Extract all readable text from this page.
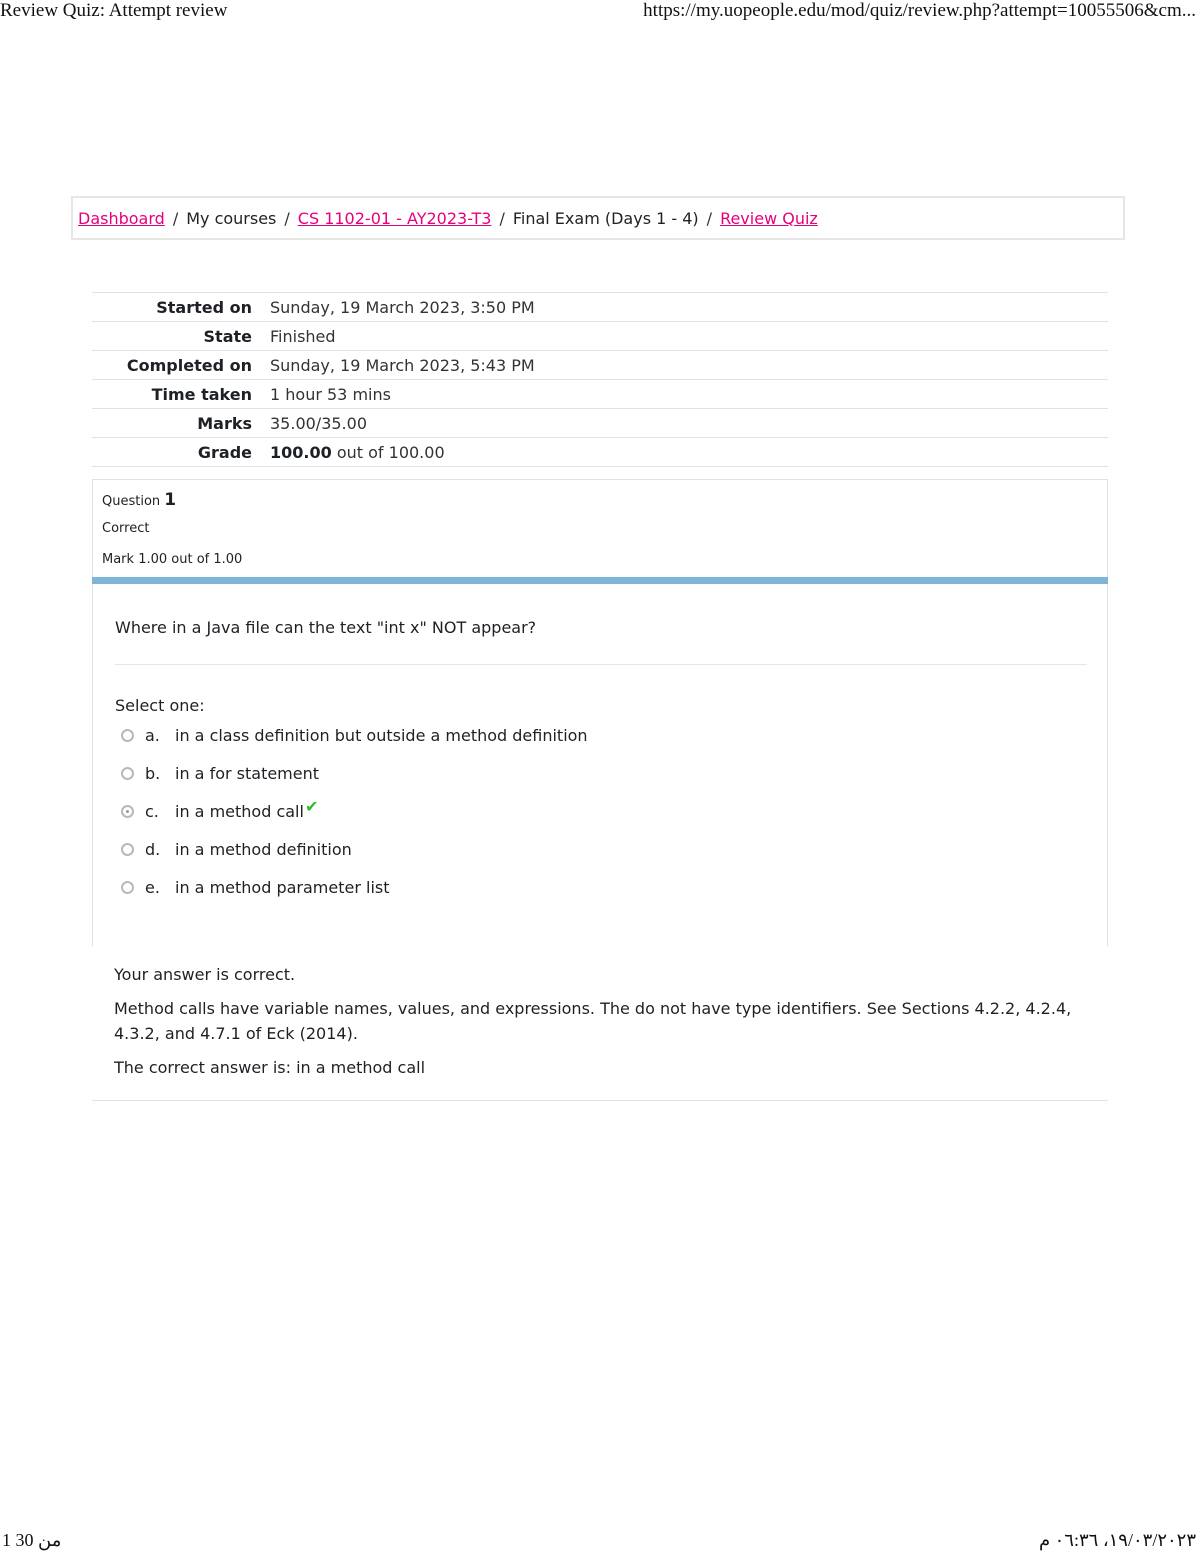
Review Quiz: Attempt review	https://my.uopeople.edu/mod/quiz/review.php?attempt=10055506&cm...
Dashboard / My courses / CS 1102-01 - AY2023-T3 / Final Exam (Days 1 - 4) / Review Quiz
Started on	Sunday, 19 March 2023, 3:50 PM
State	Finished
Completed on	Sunday, 19 March 2023, 5:43 PM
Time taken	1 hour 53 mins
Marks	35.00/35.00
Grade	100.00 out of 100.00
Question 1
Correct
Mark 1.00 out of 1.00
Where in a Java file can the text "int x" NOT appear?
Select one:
a. in a class definition but outside a method definition
b. in a for statement
c.	in a method call ✔
d. in a method definition
e. in a method parameter list
Your answer is correct.
Method calls have variable names, values, and expressions. The do not have type identifiers. See Sections 4.2.2, 4.2.4, 4.3.2, and 4.7.1 of Eck (2014).
The correct answer is: in a method call
1 من 30	١٩/٠٣/٢٠٢٣، ٠٦:٣٦ م
